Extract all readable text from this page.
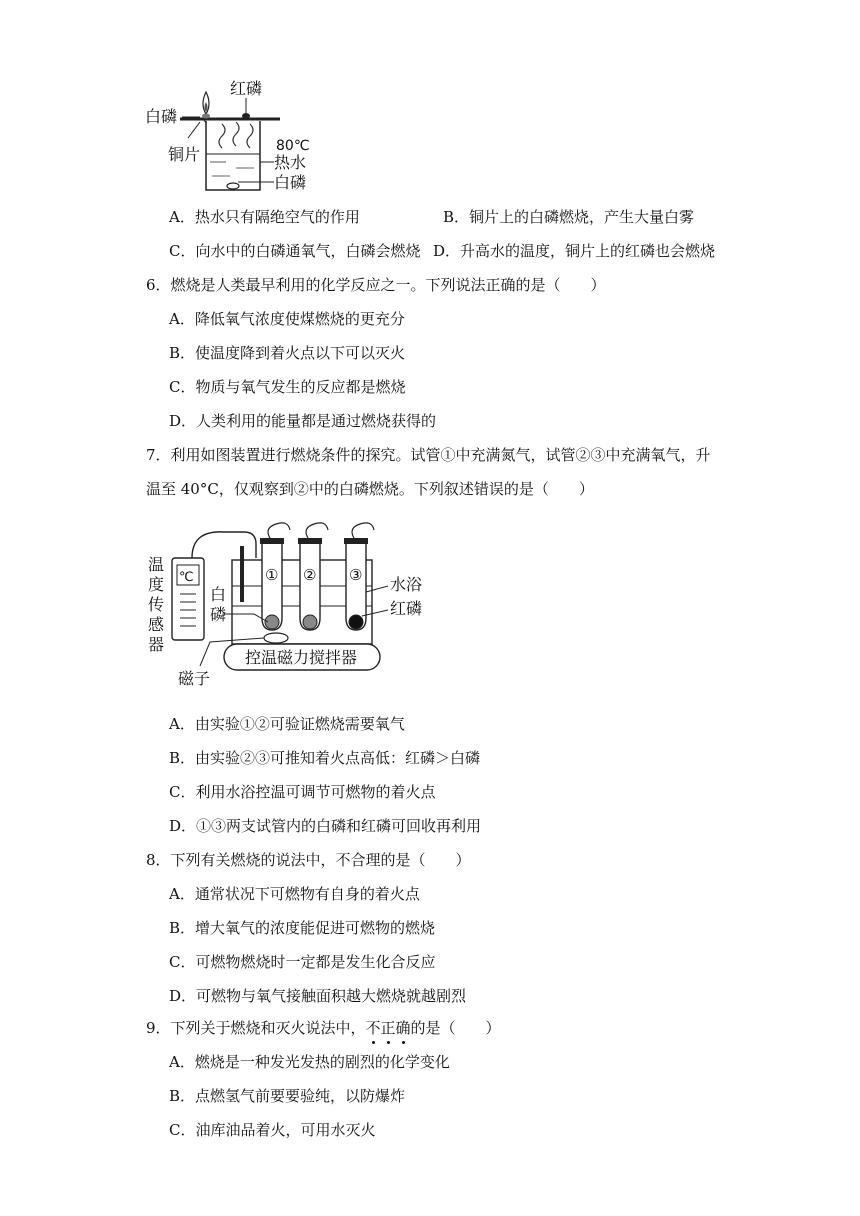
红磷
白磷
铜片	80℃
热水
白磷
A．热水只有隔绝空气的作用	B．铜片上的白磷燃烧，产生大量白雾
C．向水中的白磷通氧气，白磷会燃烧 D．升高水的温度，铜片上的红磷也会燃烧
6．燃烧是人类最早利用的化学反应之一。下列说法正确的是（　　）
A．降低氧气浓度使煤燃烧的更充分
B．使温度降到着火点以下可以灭火
C．物质与氧气发生的反应都是燃烧
D．人类利用的能量都是通过燃烧获得的
7．利用如图装置进行燃烧条件的探究。试管①中充满氮气，试管②③中充满氧气，升
温至 40°C，仅观察到②中的白磷燃烧。下列叙述错误的是（　　）
温
度
传
感
器
℃
白
磷
① ② ③ 水浴
红磷
控温磁力搅拌器
磁子
A．由实验①②可验证燃烧需要氧气
B．由实验②③可推知着火点高低：红磷＞白磷
C．利用水浴控温可调节可燃物的着火点
D．①③两支试管内的白磷和红磷可回收再利用
8．下列有关燃烧的说法中，不合理的是（　　）
A．通常状况下可燃物有自身的着火点
B．增大氧气的浓度能促进可燃物的燃烧
C．可燃物燃烧时一定都是发生化合反应
D．可燃物与氧气接触面积越大燃烧就越剧烈
9．下列关于燃烧和灭火说法中，不正确的是（　　）
A．燃烧是一种发光发热的剧烈的化学变化
B．点燃氢气前要要验纯，以防爆炸
C．油库油品着火，可用水灭火
